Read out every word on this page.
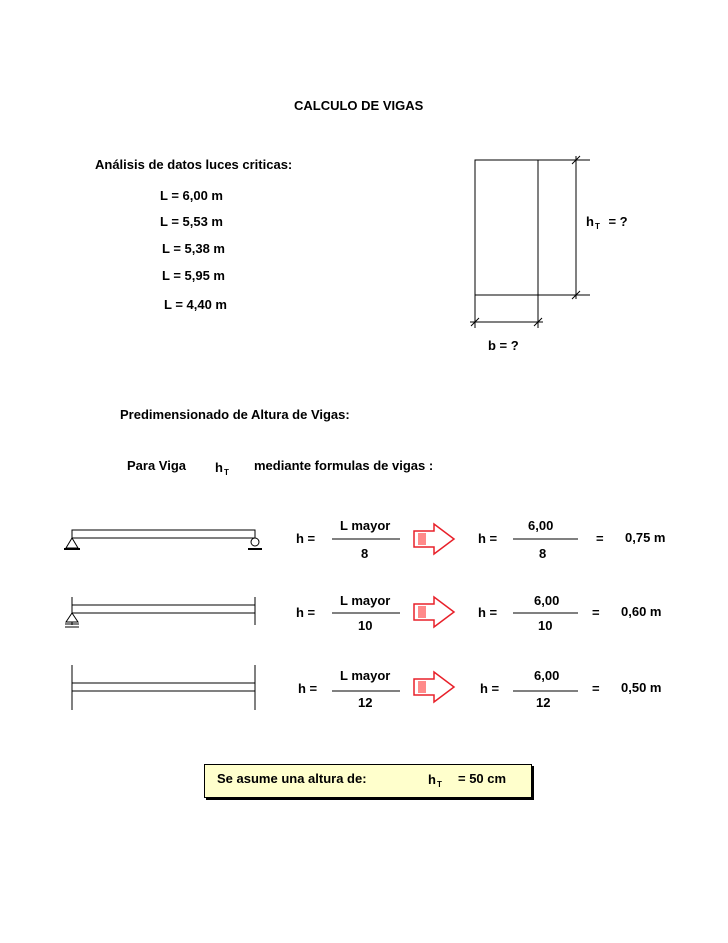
CALCULO DE VIGAS
Análisis de datos luces criticas:
L = 6,00 m
L = 5,53 m
L = 5,38 m
L = 5,95 m
L = 4,40 m
$h_T$ = ?
b = ?
Predimensionado de Altura de Vigas:
Para Viga $h_T$ mediante formulas de vigas :
h =
L mayor
8
h =
6,00
8
= 0,75 m
h =
L mayor
10
h =
6,00
10
= 0,60 m
h =
L mayor
12
h =
6,00
12
= 0,50 m
Se asume una altura de:	$h_T = 50$ cm
